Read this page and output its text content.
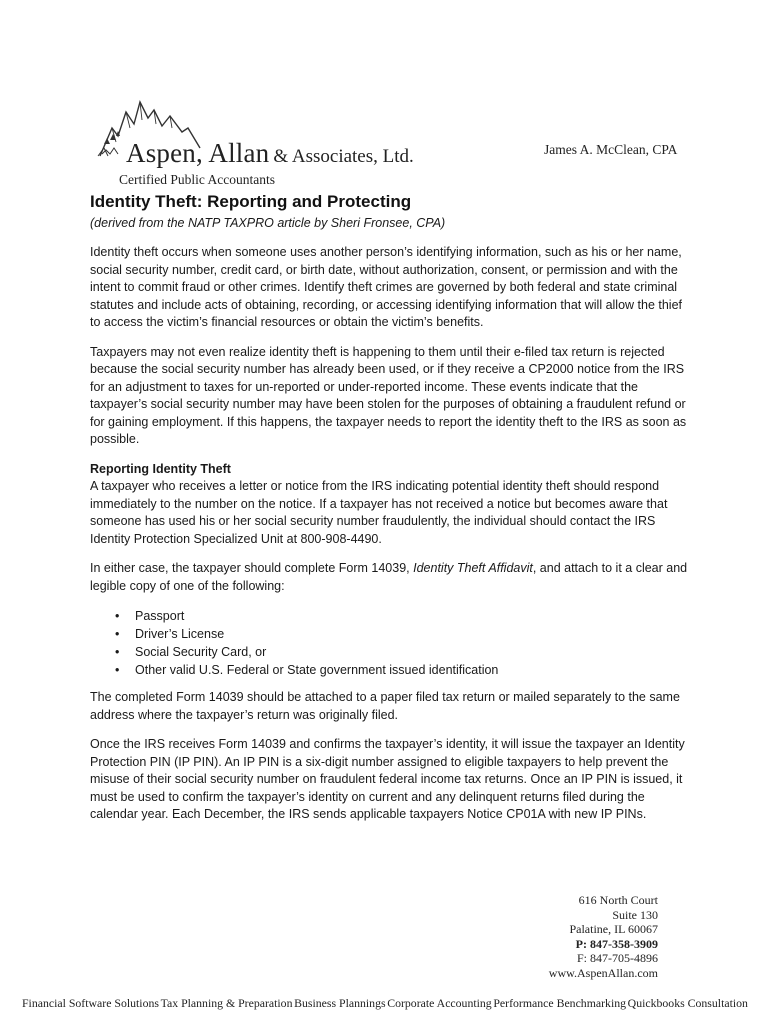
Aspen, Allan & Associates, Ltd.
Certified Public Accountants
James A. McClean, CPA
Identity Theft: Reporting and Protecting
(derived from the NATP TAXPRO article by Sheri Fronsee, CPA)

Identity theft occurs when someone uses another person’s identifying information, such as his or her name, social security number, credit card, or birth date, without authorization, consent, or permission and with the intent to commit fraud or other crimes. Identify theft crimes are governed by both federal and state criminal statutes and include acts of obtaining, recording, or accessing identifying information that will allow the thief to access the victim’s financial resources or obtain the victim’s benefits.

Taxpayers may not even realize identity theft is happening to them until their e-filed tax return is rejected because the social security number has already been used, or if they receive a CP2000 notice from the IRS for an adjustment to taxes for un-reported or under-reported income. These events indicate that the taxpayer’s social security number may have been stolen for the purposes of obtaining a fraudulent refund or for gaining employment. If this happens, the taxpayer needs to report the identity theft to the IRS as soon as possible.

Reporting Identity Theft

A taxpayer who receives a letter or notice from the IRS indicating potential identity theft should respond immediately to the number on the notice. If a taxpayer has not received a notice but becomes aware that someone has used his or her social security number fraudulently, the individual should contact the IRS Identity Protection Specialized Unit at 800-908-4490.

In either case, the taxpayer should complete Form 14039, Identity Theft Affidavit, and attach to it a clear and legible copy of one of the following:

• Passport
• Driver’s License
• Social Security Card, or
• Other valid U.S. Federal or State government issued identification

The completed Form 14039 should be attached to a paper filed tax return or mailed separately to the same address where the taxpayer’s return was originally filed.

Once the IRS receives Form 14039 and confirms the taxpayer’s identity, it will issue the taxpayer an Identity Protection PIN (IP PIN). An IP PIN is a six-digit number assigned to eligible taxpayers to help prevent the misuse of their social security number on fraudulent federal income tax returns. Once an IP PIN is issued, it must be used to confirm the taxpayer’s identity on current and any delinquent returns filed during the calendar year. Each December, the IRS sends applicable taxpayers Notice CP01A with new IP PINs.

616 North Court
Suite 130
Palatine, IL 60067
P: 847-358-3909
F: 847-705-4896
www.AspenAllan.com
Financial Software Solutions Tax Planning & Preparation Business Plannings Corporate Accounting Performance Benchmarking Quickbooks Consultation
